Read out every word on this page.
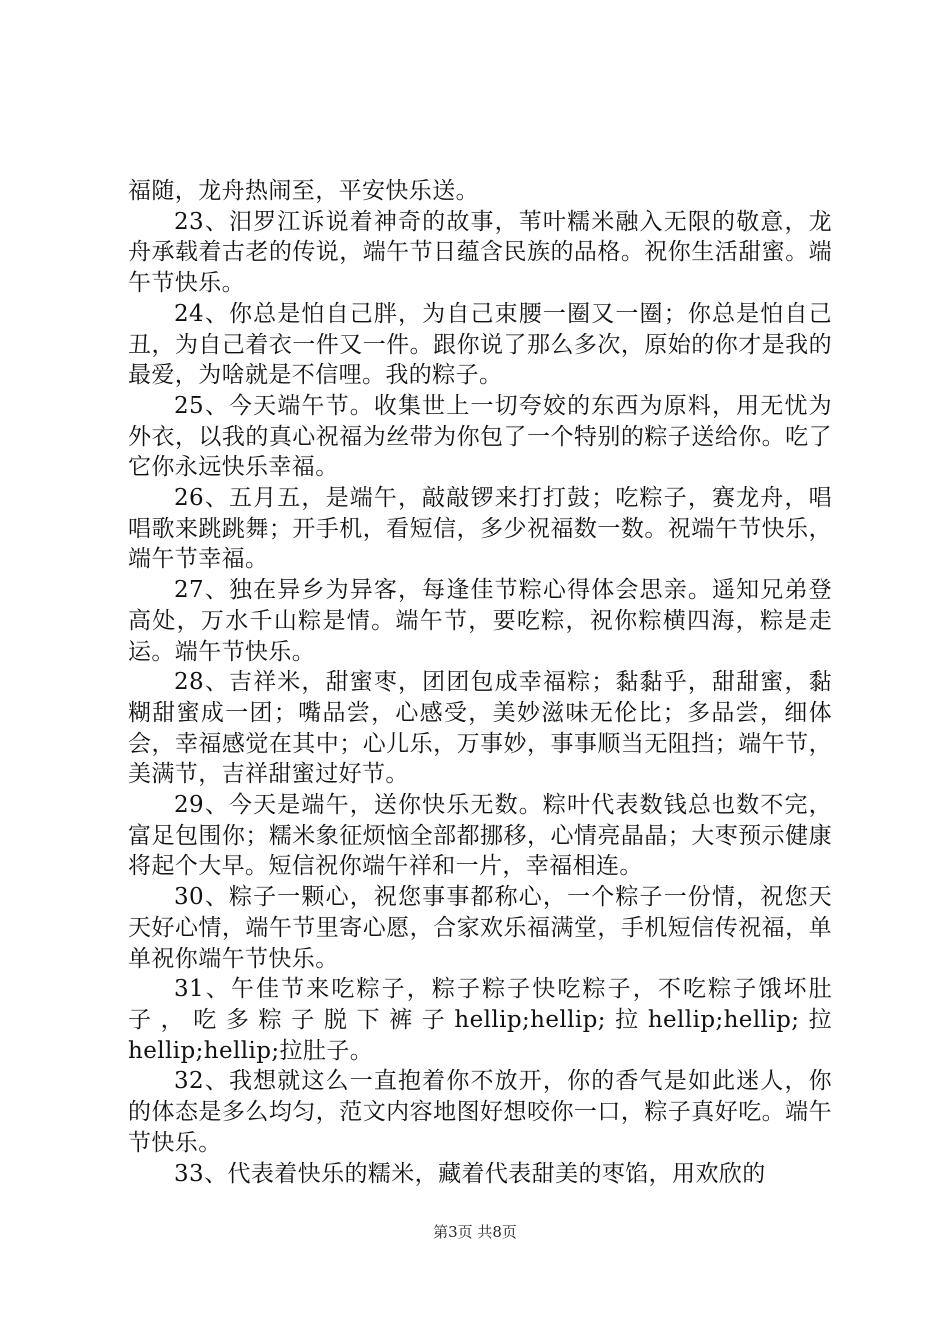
福随，龙舟热闹至，平安快乐送。

23、汨罗江诉说着神奇的故事，苇叶糯米融入无限的敬意，龙舟承载着古老的传说，端午节日蕴含民族的品格。祝你生活甜蜜。端午节快乐。

24、你总是怕自己胖，为自己束腰一圈又一圈；你总是怕自己丑，为自己着衣一件又一件。跟你说了那么多次，原始的你才是我的最爱，为啥就是不信哩。我的粽子。

25、今天端午节。收集世上一切夸姣的东西为原料，用无忧为外衣，以我的真心祝福为丝带为你包了一个特别的粽子送给你。吃了它你永远快乐幸福。

26、五月五，是端午，敲敲锣来打打鼓；吃粽子，赛龙舟，唱唱歌来跳跳舞；开手机，看短信，多少祝福数一数。祝端午节快乐，端午节幸福。

27、独在异乡为异客，每逢佳节粽心得体会思亲。遥知兄弟登高处，万水千山粽是情。端午节，要吃粽，祝你粽横四海，粽是走运。端午节快乐。

28、吉祥米，甜蜜枣，团团包成幸福粽；黏黏乎，甜甜蜜，黏糊甜蜜成一团；嘴品尝，心感受，美妙滋味无伦比；多品尝，细体会，幸福感觉在其中；心儿乐，万事妙，事事顺当无阻挡；端午节，美满节，吉祥甜蜜过好节。

29、今天是端午，送你快乐无数。粽叶代表数钱总也数不完，富足包围你；糯米象征烦恼全部都挪移，心情亮晶晶；大枣预示健康将起个大早。短信祝你端午祥和一片，幸福相连。

30、粽子一颗心，祝您事事都称心，一个粽子一份情，祝您天天好心情，端午节里寄心愿，合家欢乐福满堂，手机短信传祝福，单单祝你端午节快乐。

31、午佳节来吃粽子，粽子粽子快吃粽子，不吃粽子饿坏肚子，吃多粽子脱下裤子hellip;hellip;拉hellip;hellip;拉hellip;hellip;拉肚子。

32、我想就这么一直抱着你不放开，你的香气是如此迷人，你的体态是多么均匀，范文内容地图好想咬你一口，粽子真好吃。端午节快乐。

33、代表着快乐的糯米，藏着代表甜美的枣馅，用欢欣的

第3页 共8页
